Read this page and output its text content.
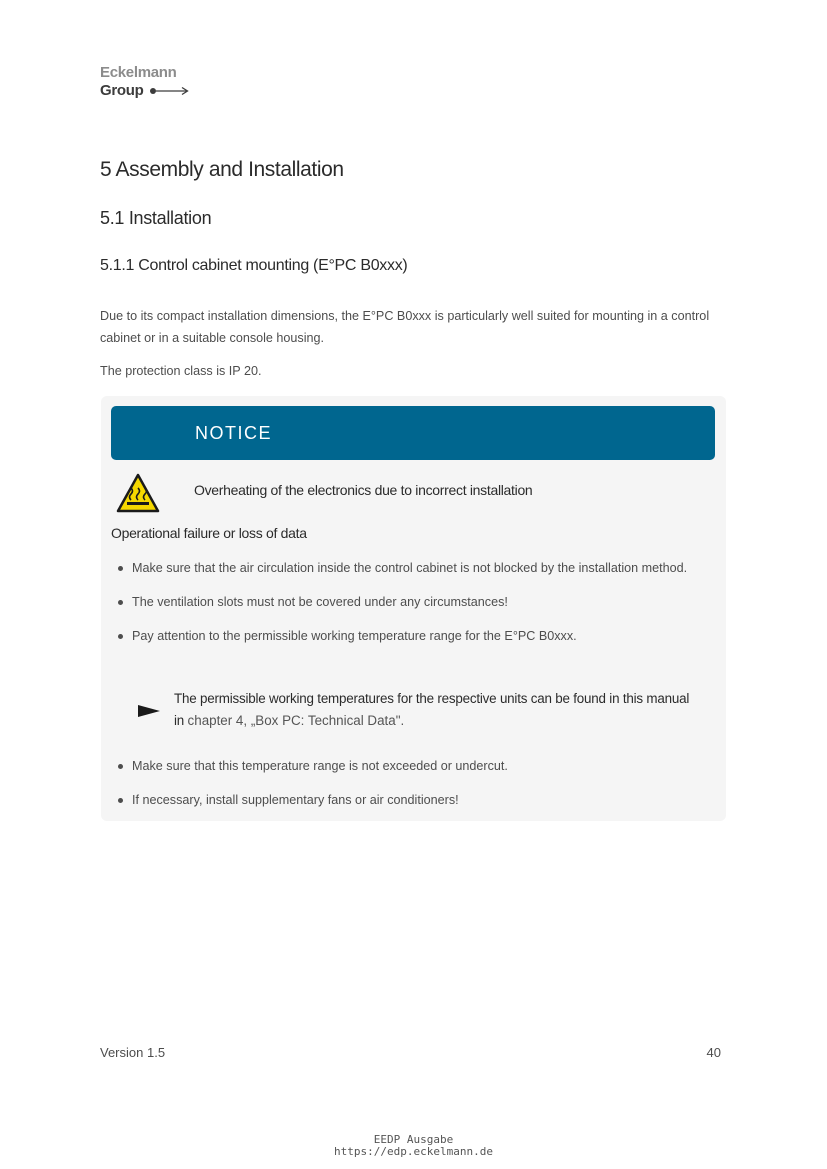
Eckelmann
Group
5 Assembly and Installation
5.1 Installation
5.1.1 Control cabinet mounting (E°PC B0xxx)

Due to its compact installation dimensions, the E°PC B0xxx is particularly well suited for mounting in a control cabinet or in a suitable console housing.

The protection class is IP 20.

NOTICE
Overheating of the electronics due to incorrect installation
Operational failure or loss of data
Make sure that the air circulation inside the control cabinet is not blocked by the installation method.
The ventilation slots must not be covered under any circumstances!
Pay attention to the permissible working temperature range for the E°PC B0xxx.
The permissible working temperatures for the respective units can be found in this manual in chapter 4, „Box PC: Technical Data".
Make sure that this temperature range is not exceeded or undercut.
If necessary, install supplementary fans or air conditioners!
Version 1.5	40
EEDP Ausgabe
https://edp.eckelmann.de
